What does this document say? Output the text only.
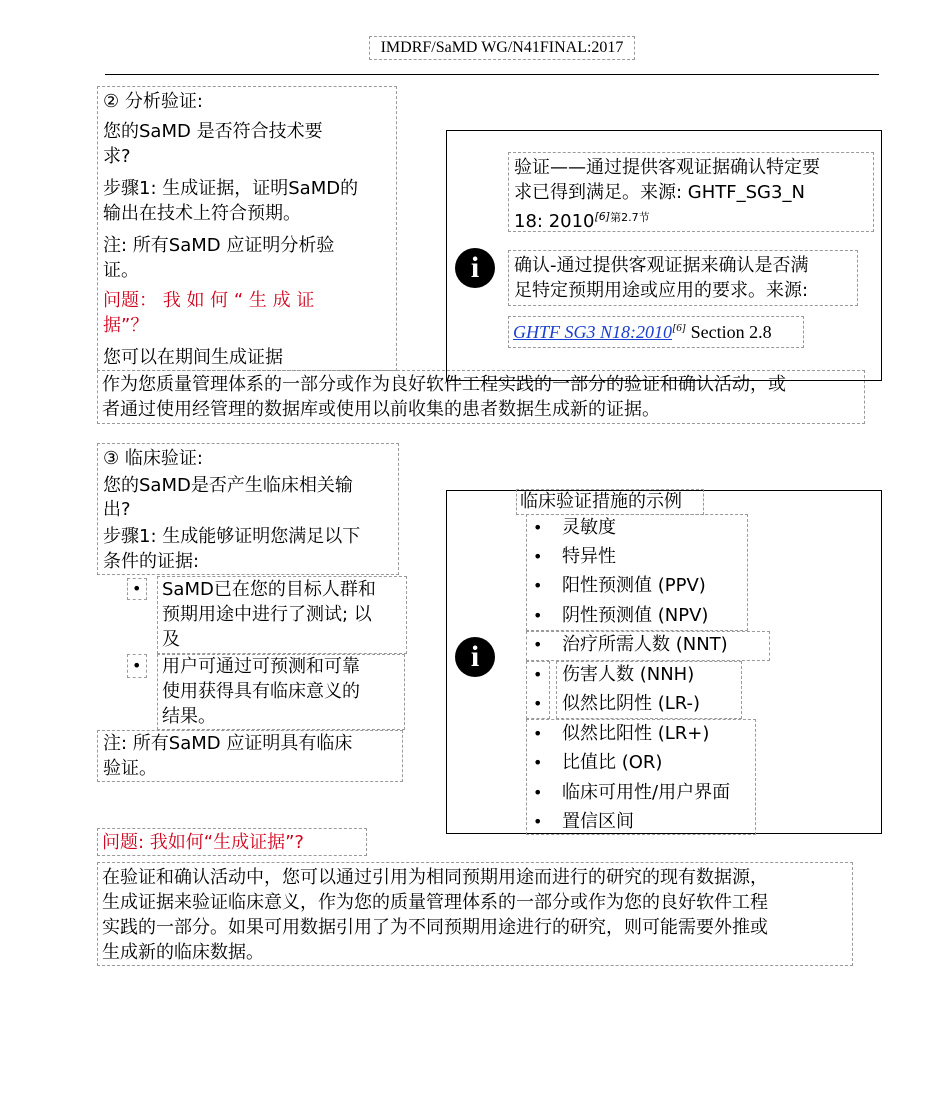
IMDRF/SaMD WG/N41FINAL:2017
② 分析验证:
您的SaMD 是否符合技术要
求?
步骤1: 生成证据，证明SaMD的
输出在技术上符合预期。
注: 所有SaMD 应证明分析验
证。
问题： 我 如 何 “ 生 成 证
据”？
您可以在期间生成证据
作为您质量管理体系的一部分或作为良好软件工程实践的一部分的验证和确认活动，或
者通过使用经管理的数据库或使用以前收集的患者数据生成新的证据。
i
验证——通过提供客观证据确认特定要
求已得到满足。来源: GHTF_SG3_N
18: $2010^{[6]第2.7节}$
确认-通过提供客观证据来确认是否满
足特定预期用途或应用的要求。来源:
GHTF SG3 N18:2010[6] Section 2.8
③ 临床验证:
您的SaMD是否产生临床相关输
出?
步骤1: 生成能够证明您满足以下
条件的证据:
• SaMD已在您的目标人群和
预期用途中进行了测试; 以
及
• 用户可通过可预测和可靠
使用获得具有临床意义的
结果。
注: 所有SaMD 应证明具有临床
验证。
问题: 我如何“生成证据”?
在验证和确认活动中，您可以通过引用为相同预期用途而进行的研究的现有数据源，
生成证据来验证临床意义，作为您的质量管理体系的一部分或作为您的良好软件工程
实践的一部分。如果可用数据引用了为不同预期用途进行的研究，则可能需要外推或
生成新的临床数据。
i
临床验证措施的示例
• 灵敏度
• 特异性
• 阳性预测值 (PPV)
• 阴性预测值 (NPV)
• 治疗所需人数 (NNT)
• 伤害人数 (NNH)
• 似然比阴性 (LR-)
• 似然比阳性 (LR+)
• 比值比 (OR)
• 临床可用性/用户界面
• 置信区间
